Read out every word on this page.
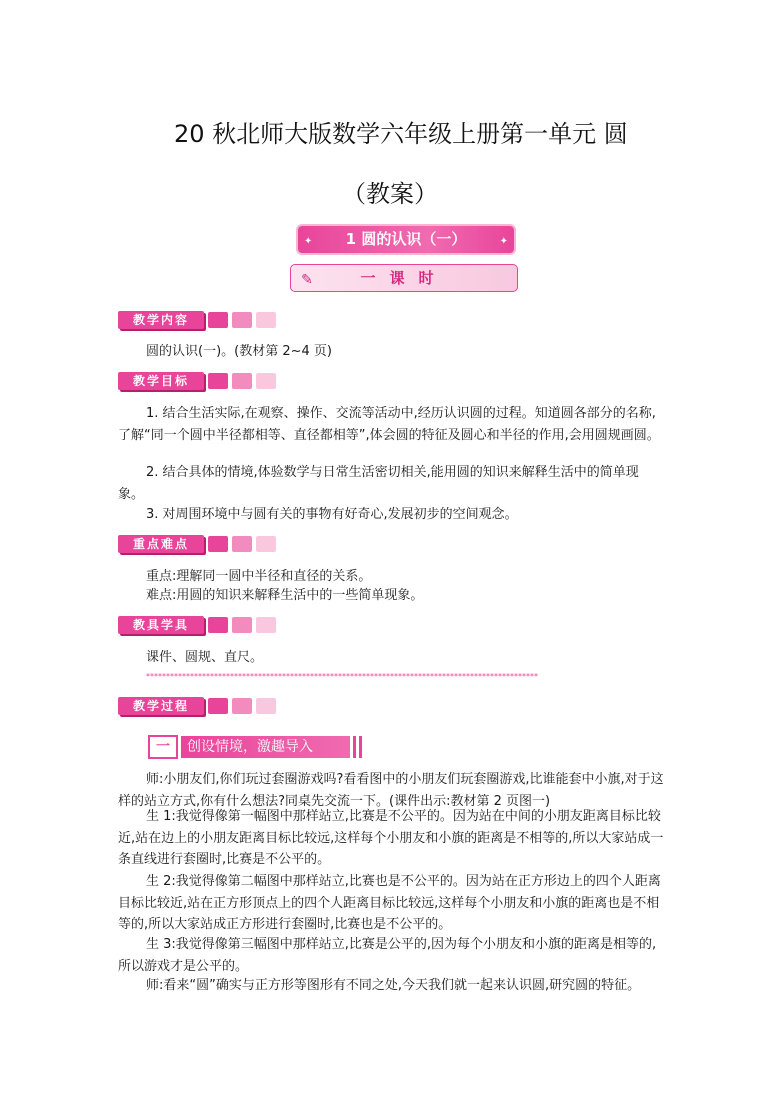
20 秋北师大版数学六年级上册第一单元 圆
（教案）
✦ 1 圆的认识（一）	✦
✎	一课时
教学内容

圆的认识(一)。(教材第 2~4 页)

教学目标

1. 结合生活实际,在观察、操作、交流等活动中,经历认识圆的过程。知道圆各部分的名称,了解“同一个圆中半径都相等、直径都相等”,体会圆的特征及圆心和半径的作用,会用圆规画圆。

2. 结合具体的情境,体验数学与日常生活密切相关,能用圆的知识来解释生活中的简单现象。

3. 对周围环境中与圆有关的事物有好奇心,发展初步的空间观念。

重点难点

重点:理解同一圆中半径和直径的关系。

难点:用圆的知识来解释生活中的一些简单现象。

教具学具

课件、圆规、直尺。

**************************************************************************************************
教学过程
一	创设情境，激趣导入

师:小朋友们,你们玩过套圈游戏吗?看看图中的小朋友们玩套圈游戏,比谁能套中小旗,对于这样的站立方式,你有什么想法?同桌先交流一下。(课件出示:教材第 2 页图一)

生 1:我觉得像第一幅图中那样站立,比赛是不公平的。因为站在中间的小朋友距离目标比较近,站在边上的小朋友距离目标比较远,这样每个小朋友和小旗的距离是不相等的,所以大家站成一条直线进行套圈时,比赛是不公平的。

生 2:我觉得像第二幅图中那样站立,比赛也是不公平的。因为站在正方形边上的四个人距离目标比较近,站在正方形顶点上的四个人距离目标比较远,这样每个小朋友和小旗的距离也是不相等的,所以大家站成正方形进行套圈时,比赛也是不公平的。

生 3:我觉得像第三幅图中那样站立,比赛是公平的,因为每个小朋友和小旗的距离是相等的,所以游戏才是公平的。

师:看来“圆”确实与正方形等图形有不同之处,今天我们就一起来认识圆,研究圆的特征。
